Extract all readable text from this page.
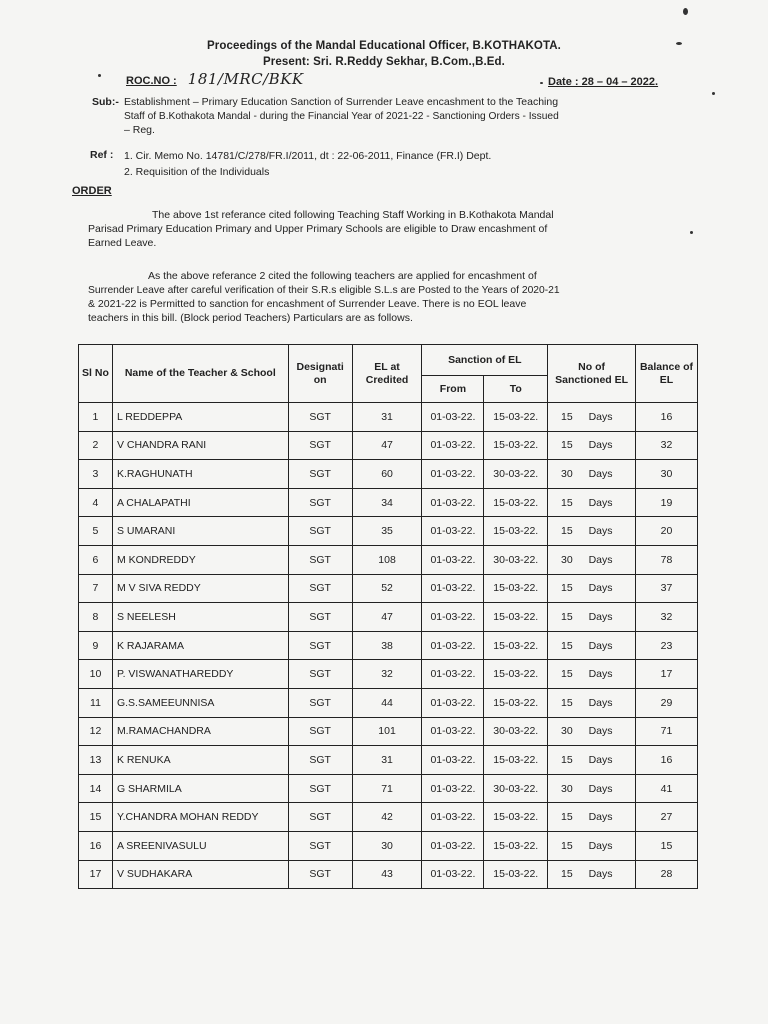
Proceedings of the Mandal Educational Officer, B.KOTHAKOTA.
Present: Sri. R.Reddy Sekhar, B.Com.,B.Ed.
ROC.NO : 181/MRC/BKK	Date : 28 – 04 – 2022.
Sub:- Establishment – Primary Education Sanction of Surrender Leave encashment to the Teaching
Staff of B.Kothakota Mandal - during the Financial Year of 2021-22 - Sanctioning Orders - Issued
– Reg.
Ref : 1. Cir. Memo No. 14781/C/278/FR.I/2011, dt : 22-06-2011, Finance (FR.I) Dept.
2. Requisition of the Individuals
ORDER
The above 1st referance cited following Teaching Staff Working in B.Kothakota Mandal
Parisad Primary Education Primary and Upper Primary Schools are eligible to Draw encashment of
Earned Leave.
As the above referance 2 cited the following teachers are applied for encashment of
Surrender Leave after careful verification of their S.R.s eligible S.L.s are Posted to the Years of 2020-21
& 2021-22 is Permitted to sanction for encashment of Surrender Leave. There is no EOL leave
teachers in this bill. (Block period Teachers) Particulars are as follows.
Sl No	Name of the Teacher & School	Designati on	EL at Credited	Sanction of EL		No of Sanctioned EL		Balance of EL
				From	To			
1	L REDDEPPA	SGT	31	01-03-22.	15-03-22.	15	Days	16
2	V CHANDRA RANI	SGT	47	01-03-22.	15-03-22.	15	Days	32
3	K.RAGHUNATH	SGT	60	01-03-22.	30-03-22.	30	Days	30
4	A CHALAPATHI	SGT	34	01-03-22.	15-03-22.	15	Days	19
5	S UMARANI	SGT	35	01-03-22.	15-03-22.	15	Days	20
6	M KONDREDDY	SGT	108	01-03-22.	30-03-22.	30	Days	78
7	M V SIVA REDDY	SGT	52	01-03-22.	15-03-22.	15	Days	37
8	S NEELESH	SGT	47	01-03-22.	15-03-22.	15	Days	32
9	K RAJARAMA	SGT	38	01-03-22.	15-03-22.	15	Days	23
10	P. VISWANATHAREDDY	SGT	32	01-03-22.	15-03-22.	15	Days	17
11	G.S.SAMEEUNNISA	SGT	44	01-03-22.	15-03-22.	15	Days	29
12	M.RAMACHANDRA	SGT	101	01-03-22.	30-03-22.	30	Days	71
13	K RENUKA	SGT	31	01-03-22.	15-03-22.	15	Days	16
14	G SHARMILA	SGT	71	01-03-22.	30-03-22.	30	Days	41
15	Y.CHANDRA MOHAN REDDY	SGT	42	01-03-22.	15-03-22.	15	Days	27
16	A SREENIVASULU	SGT	30	01-03-22.	15-03-22.	15	Days	15
17	V SUDHAKARA	SGT	43	01-03-22.	15-03-22.	15	Days	28
